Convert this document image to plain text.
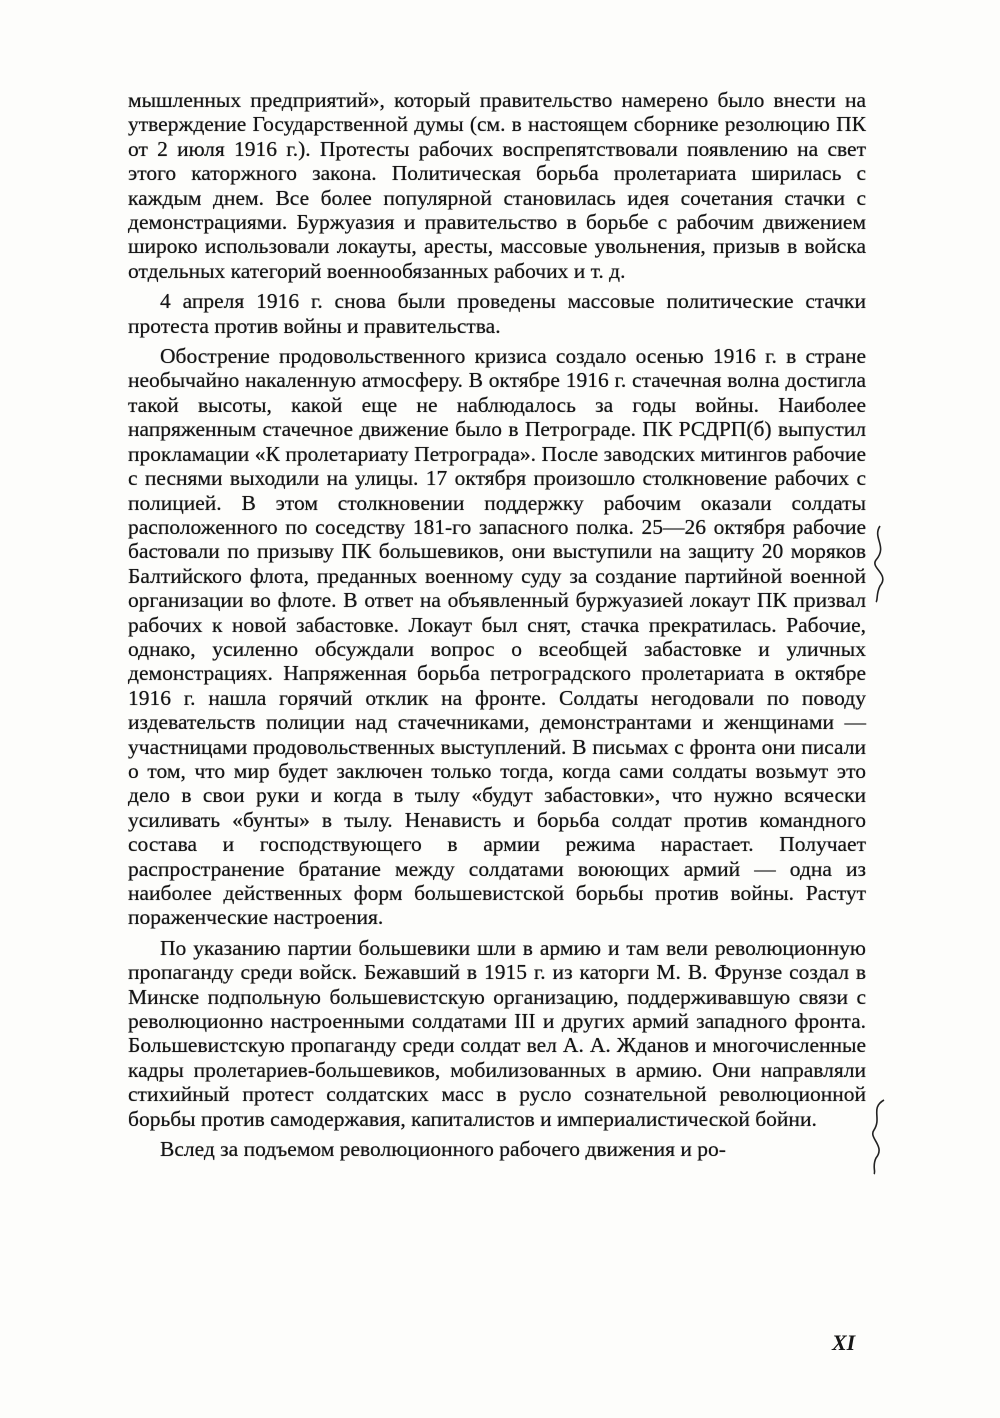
мышленных предприятий», который правительство намерено было внести на утверждение Государственной думы (см. в настоящем сборнике резолюцию ПК от 2 июля 1916 г.). Протесты рабочих воспрепятствовали появлению на свет этого каторжного закона. Политическая борьба пролетариата ширилась с каждым днем. Все более популярной становилась идея сочетания стачки с демонстрациями. Буржуазия и правительство в борьбе с рабочим движением широко использовали локауты, аресты, массовые увольнения, призыв в войска отдельных категорий военнообязанных рабочих и т. д.

4 апреля 1916 г. снова были проведены массовые политические стачки протеста против войны и правительства.

Обострение продовольственного кризиса создало осенью 1916 г. в стране необычайно накаленную атмосферу. В октябре 1916 г. стачечная волна достигла такой высоты, какой еще не наблюдалось за годы войны. Наиболее напряженным стачечное движение было в Петрограде. ПК РСДРП(б) выпустил прокламации «К пролетариату Петрограда». После заводских митингов рабочие с песнями выходили на улицы. 17 октября произошло столкновение рабочих с полицией. В этом столкновении поддержку рабочим оказали солдаты расположенного по соседству 181-го запасного полка. 25—26 октября рабочие бастовали по призыву ПК большевиков, они выступили на защиту 20 моряков Балтийского флота, преданных военному суду за создание партийной военной организации во флоте. В ответ на объявленный буржуазией локаут ПК призвал рабочих к новой забастовке. Локаут был снят, стачка прекратилась. Рабочие, однако, усиленно обсуждали вопрос о всеобщей забастовке и уличных демонстрациях. Напряженная борьба петроградского пролетариата в октябре 1916 г. нашла горячий отклик на фронте. Солдаты негодовали по поводу издевательств полиции над стачечниками, демонстрантами и женщинами — участницами продовольственных выступлений. В письмах с фронта они писали о том, что мир будет заключен только тогда, когда сами солдаты возьмут это дело в свои руки и когда в тылу «будут забастовки», что нужно всячески усиливать «бунты» в тылу. Ненависть и борьба солдат против командного состава и господствующего в армии режима нарастает. Получает распространение братание между солдатами воюющих армий — одна из наиболее действенных форм большевистской борьбы против войны. Растут пораженческие настроения.

По указанию партии большевики шли в армию и там вели революционную пропаганду среди войск. Бежавший в 1915 г. из каторги М. В. Фрунзе создал в Минске подпольную большевистскую организацию, поддерживавшую связи с революционно настроенными солдатами III и других армий западного фронта. Большевистскую пропаганду среди солдат вел А. А. Жданов и многочисленные кадры пролетариев-большевиков, мобилизованных в армию. Они направляли стихийный протест солдатских масс в русло сознательной революционной борьбы против самодержавия, капиталистов и империалистической бойни.

Вслед за подъемом революционного рабочего движения и ро-

XI
